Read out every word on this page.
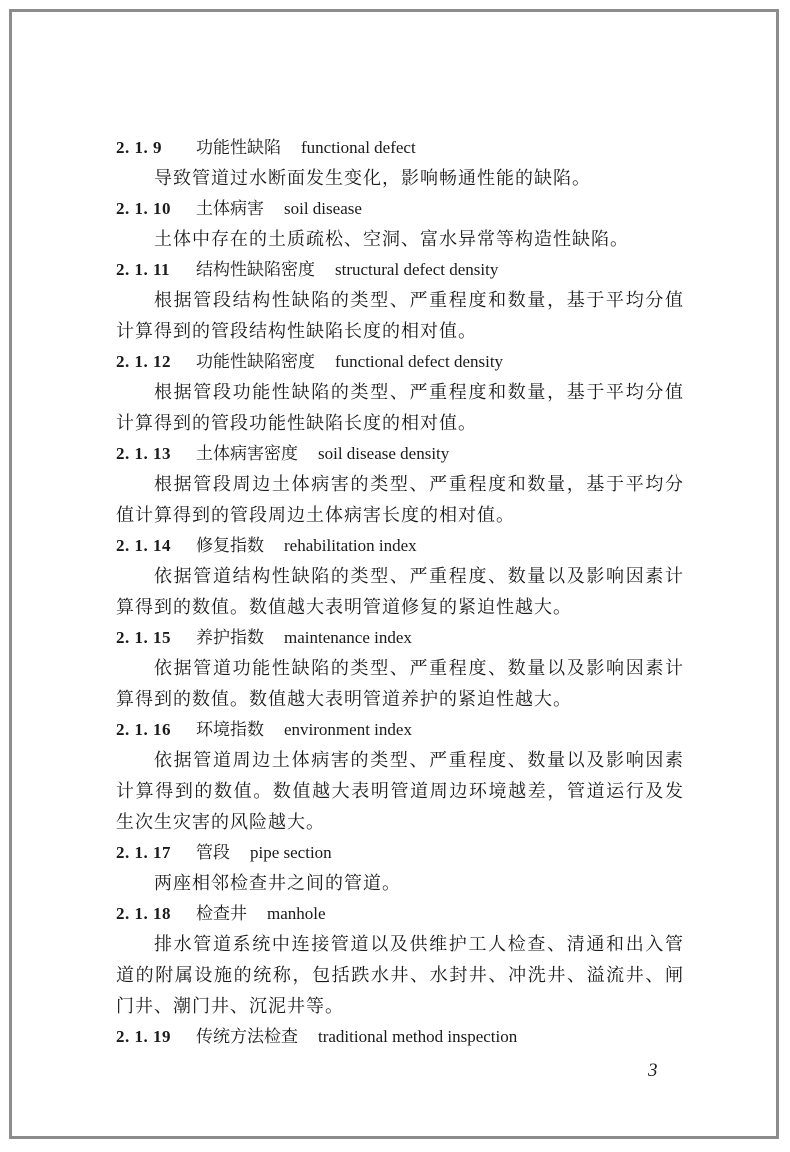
2. 1. 9 功能性缺陷 functional defect

导致管道过水断面发生变化，影响畅通性能的缺陷。

2. 1. 10 土体病害 soil disease

土体中存在的土质疏松、空洞、富水异常等构造性缺陷。

2. 1. 11 结构性缺陷密度 structural defect density

根据管段结构性缺陷的类型、严重程度和数量，基于平均分值计算得到的管段结构性缺陷长度的相对值。

2. 1. 12 功能性缺陷密度 functional defect density

根据管段功能性缺陷的类型、严重程度和数量，基于平均分值计算得到的管段功能性缺陷长度的相对值。

2. 1. 13 土体病害密度 soil disease density

根据管段周边土体病害的类型、严重程度和数量，基于平均分值计算得到的管段周边土体病害长度的相对值。

2. 1. 14 修复指数 rehabilitation index

依据管道结构性缺陷的类型、严重程度、数量以及影响因素计算得到的数值。数值越大表明管道修复的紧迫性越大。

2. 1. 15 养护指数 maintenance index

依据管道功能性缺陷的类型、严重程度、数量以及影响因素计算得到的数值。数值越大表明管道养护的紧迫性越大。

2. 1. 16 环境指数 environment index

依据管道周边土体病害的类型、严重程度、数量以及影响因素计算得到的数值。数值越大表明管道周边环境越差，管道运行及发生次生灾害的风险越大。

2. 1. 17 管段 pipe section

两座相邻检查井之间的管道。

2. 1. 18 检查井 manhole

排水管道系统中连接管道以及供维护工人检查、清通和出入管道的附属设施的统称，包括跌水井、水封井、冲洗井、溢流井、闸门井、潮门井、沉泥井等。

2. 1. 19 传统方法检查 traditional method inspection
3
